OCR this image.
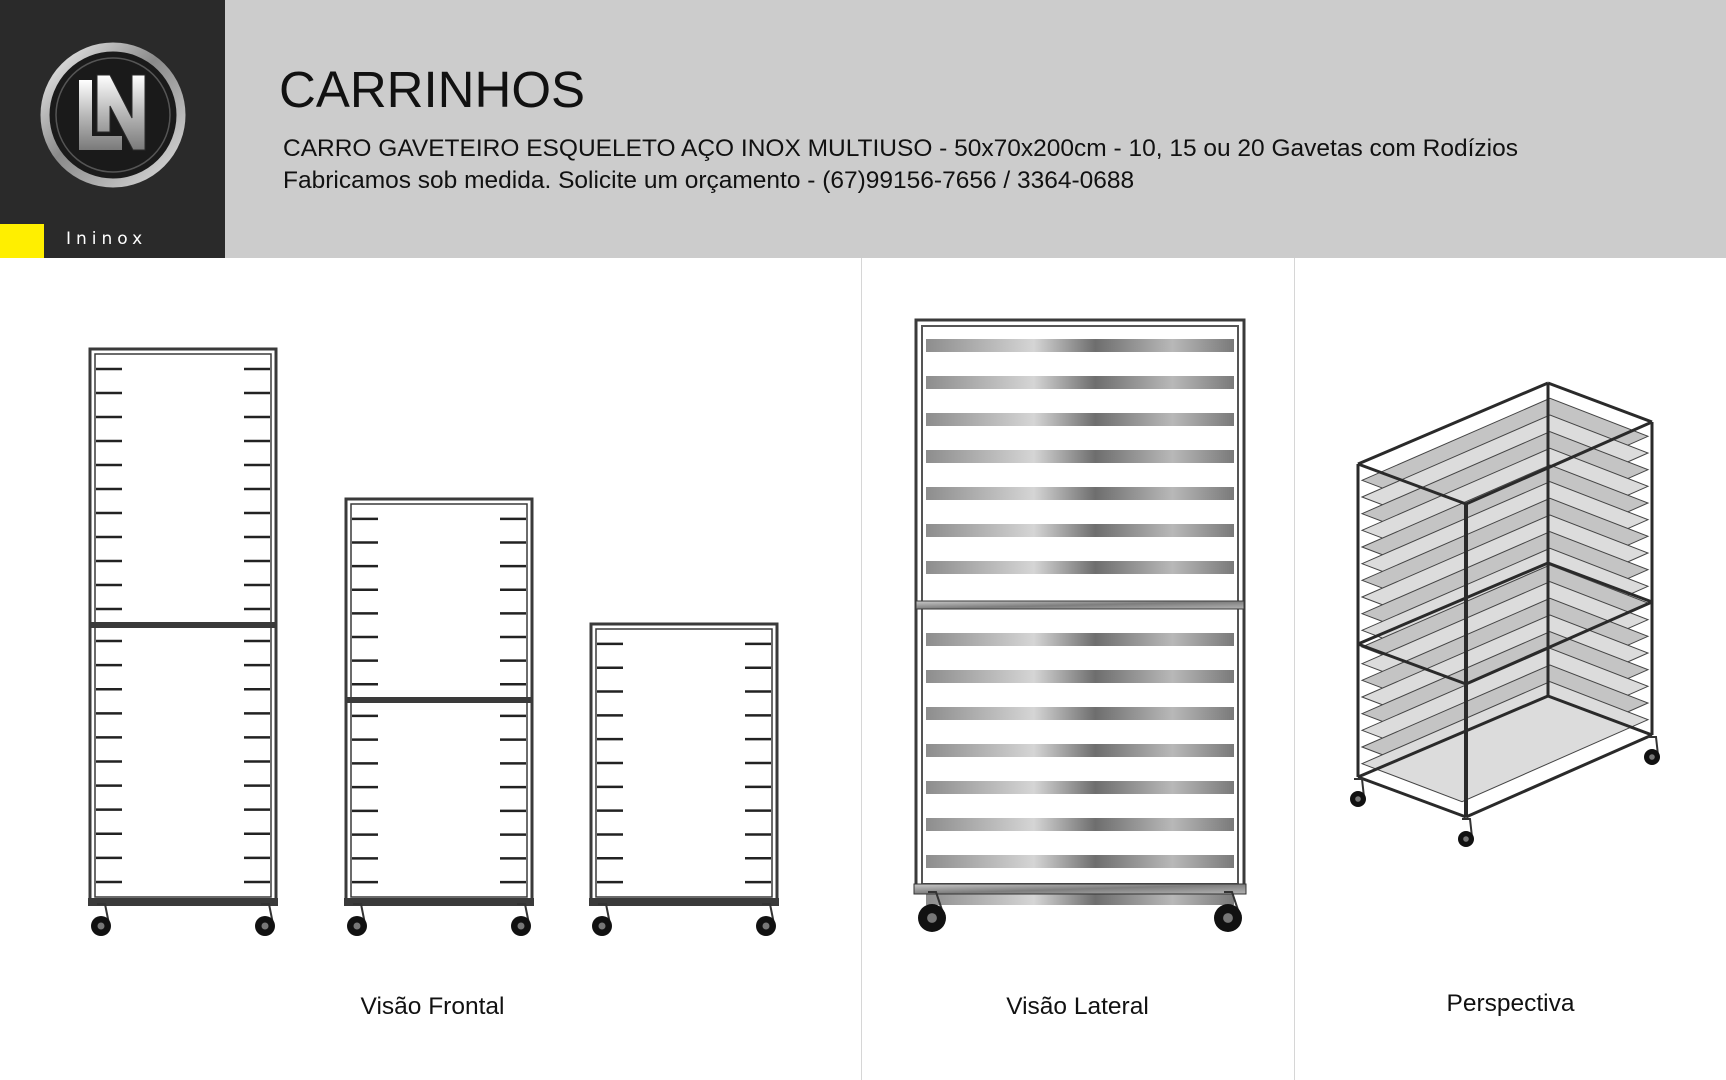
Ininox
CARRINHOS
CARRO GAVETEIRO ESQUELETO AÇO INOX MULTIUSO - 50x70x200cm - 10, 15 ou 20 Gavetas com Rodízios
Fabricamos sob medida. Solicite um orçamento - (67)99156-7656 / 3364-0688
Visão Frontal	Visão Lateral	Perspectiva
